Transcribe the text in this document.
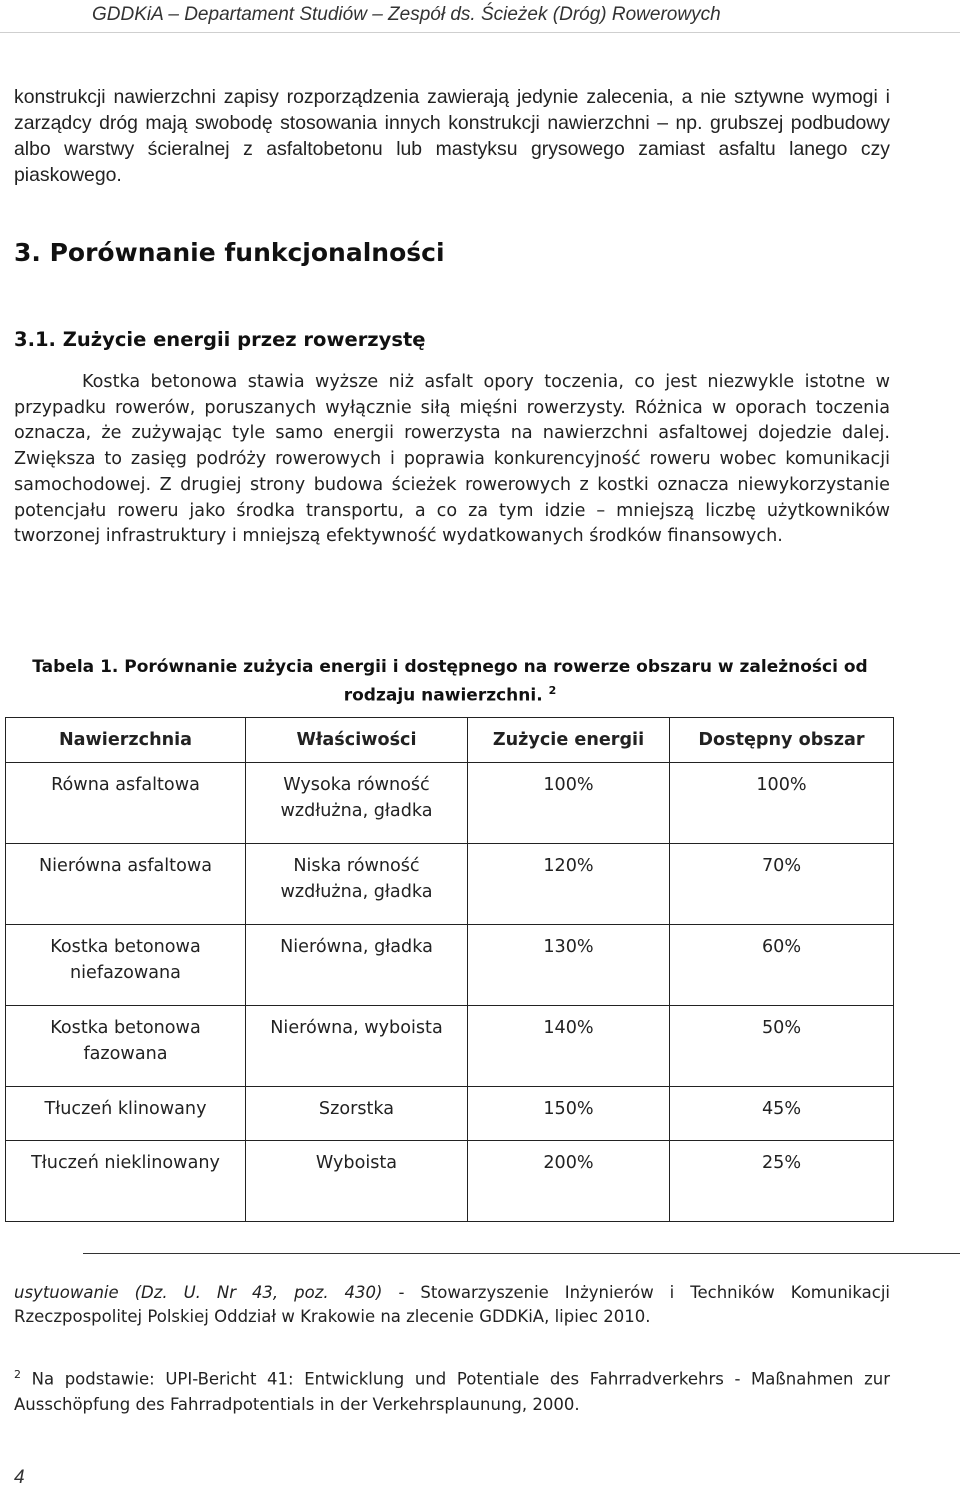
GDDKiA – Departament Studiów – Zespół ds. Ścieżek (Dróg) Rowerowych

konstrukcji nawierzchni zapisy rozporządzenia zawierają jedynie zalecenia, a nie sztywne wymogi i zarządcy dróg mają swobodę stosowania innych konstrukcji nawierzchni – np. grubszej podbudowy albo warstwy ścieralnej z asfaltobetonu lub mastyksu grysowego zamiast asfaltu lanego czy piaskowego.

3. Porównanie funkcjonalności
3.1. Zużycie energii przez rowerzystę

Kostka betonowa stawia wyższe niż asfalt opory toczenia, co jest niezwykle istotne w przypadku rowerów, poruszanych wyłącznie siłą mięśni rowerzysty. Różnica w oporach toczenia oznacza, że zużywając tyle samo energii rowerzysta na nawierzchni asfaltowej dojedzie dalej. Zwiększa to zasięg podróży rowerowych i poprawia konkurencyjność roweru wobec komunikacji samochodowej. Z drugiej strony budowa ścieżek rowerowych z kostki oznacza niewykorzystanie potencjału roweru jako środka transportu, a co za tym idzie – mniejszą liczbę użytkowników tworzonej infrastruktury i mniejszą efektywność wydatkowanych środków finansowych.

Tabela 1. Porównanie zużycia energii i dostępnego na rowerze obszaru w zależności od rodzaju nawierzchni. $^2$

Nawierzchnia	Właściwości	Zużycie energii	Dostępny obszar
Równa asfaltowa	Wysoka równość wzdłużna, gładka	100%	100%
Nierówna asfaltowa	Niska równość wzdłużna, gładka	120%	70%
Kostka betonowa niefazowana	Nierówna, gładka	130%	60%
Kostka betonowa fazowana	Nierówna, wyboista	140%	50%
Tłuczeń klinowany	Szorstka	150%	45%
Tłuczeń nieklinowany	Wyboista	200%	25%

usytuowanie (Dz. U. Nr 43, poz. 430) - Stowarzyszenie Inżynierów i Techników Komunikacji Rzeczpospolitej Polskiej Oddział w Krakowie na zlecenie GDDKiA, lipiec 2010.

$^2$ Na podstawie: UPI-Bericht 41: Entwicklung und Potentiale des Fahrradverkehrs - Maßnahmen zur Ausschöpfung des Fahrradpotentials in der Verkehrsplaunung, 2000.

4
